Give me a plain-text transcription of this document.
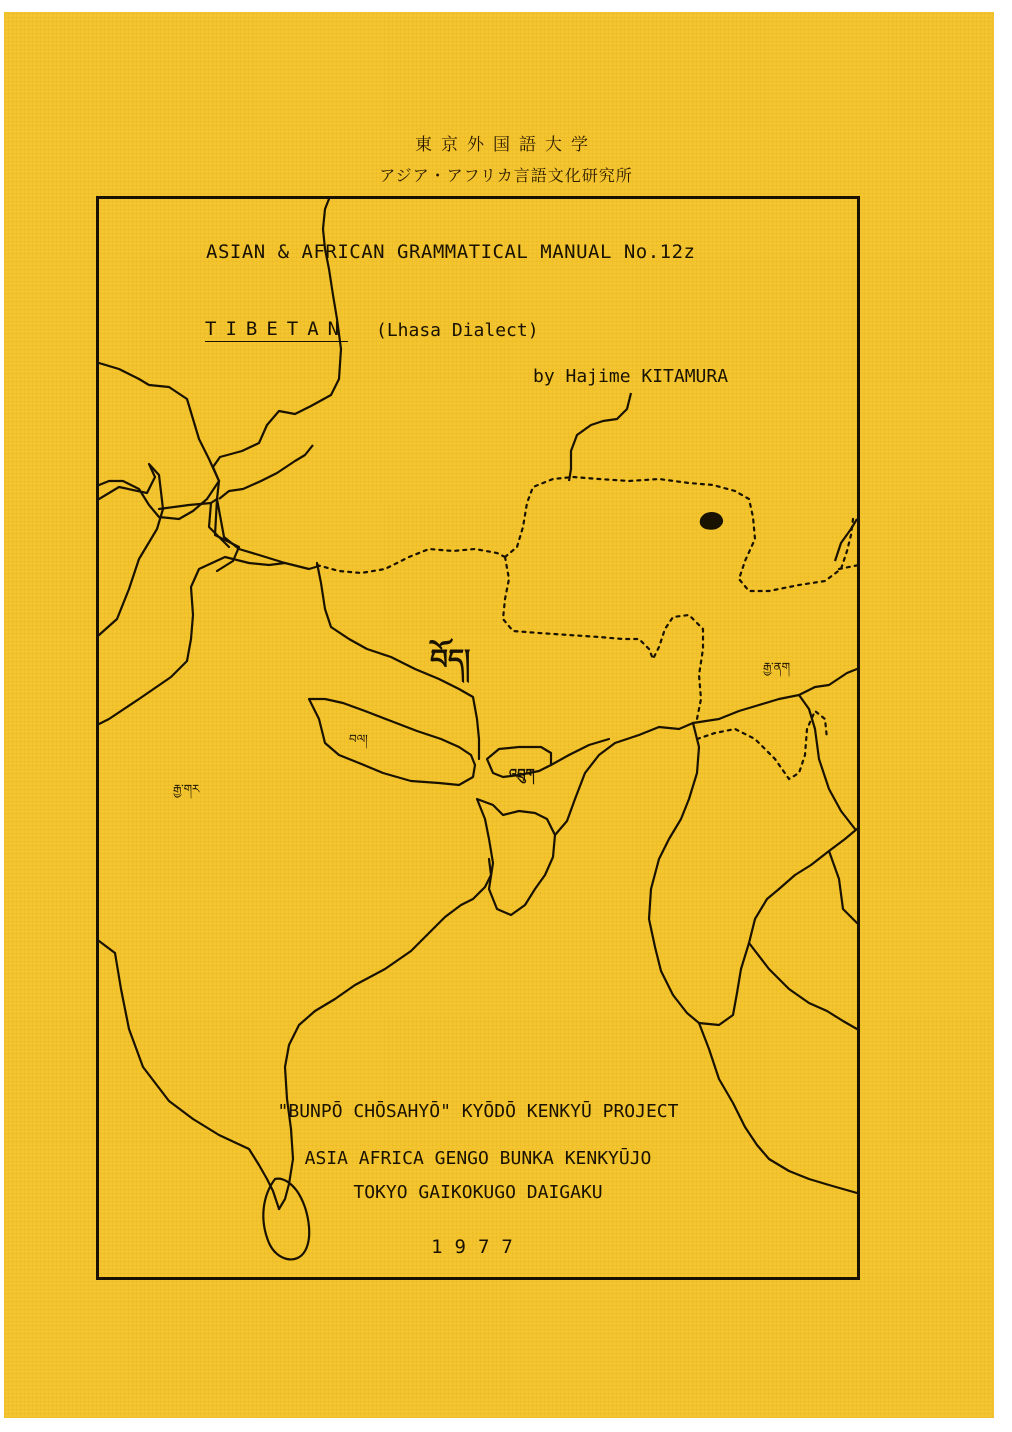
東京外国語大学
アジア・アフリカ言語文化研究所
ASIAN & AFRICAN GRAMMATICAL MANUAL No.12z
TIBETAN (Lhasa Dialect)
by Hajime KITAMURA
བོད།	རྒྱ་ནག
བལ།
འབྲུག
རྒྱ་གར
"BUNPŌ CHŌSAHYŌ" KYŌDŌ KENKYŪ PROJECT
ASIA AFRICA GENGO BUNKA KENKYŪJO
TOKYO GAIKOKUGO DAIGAKU
1977
